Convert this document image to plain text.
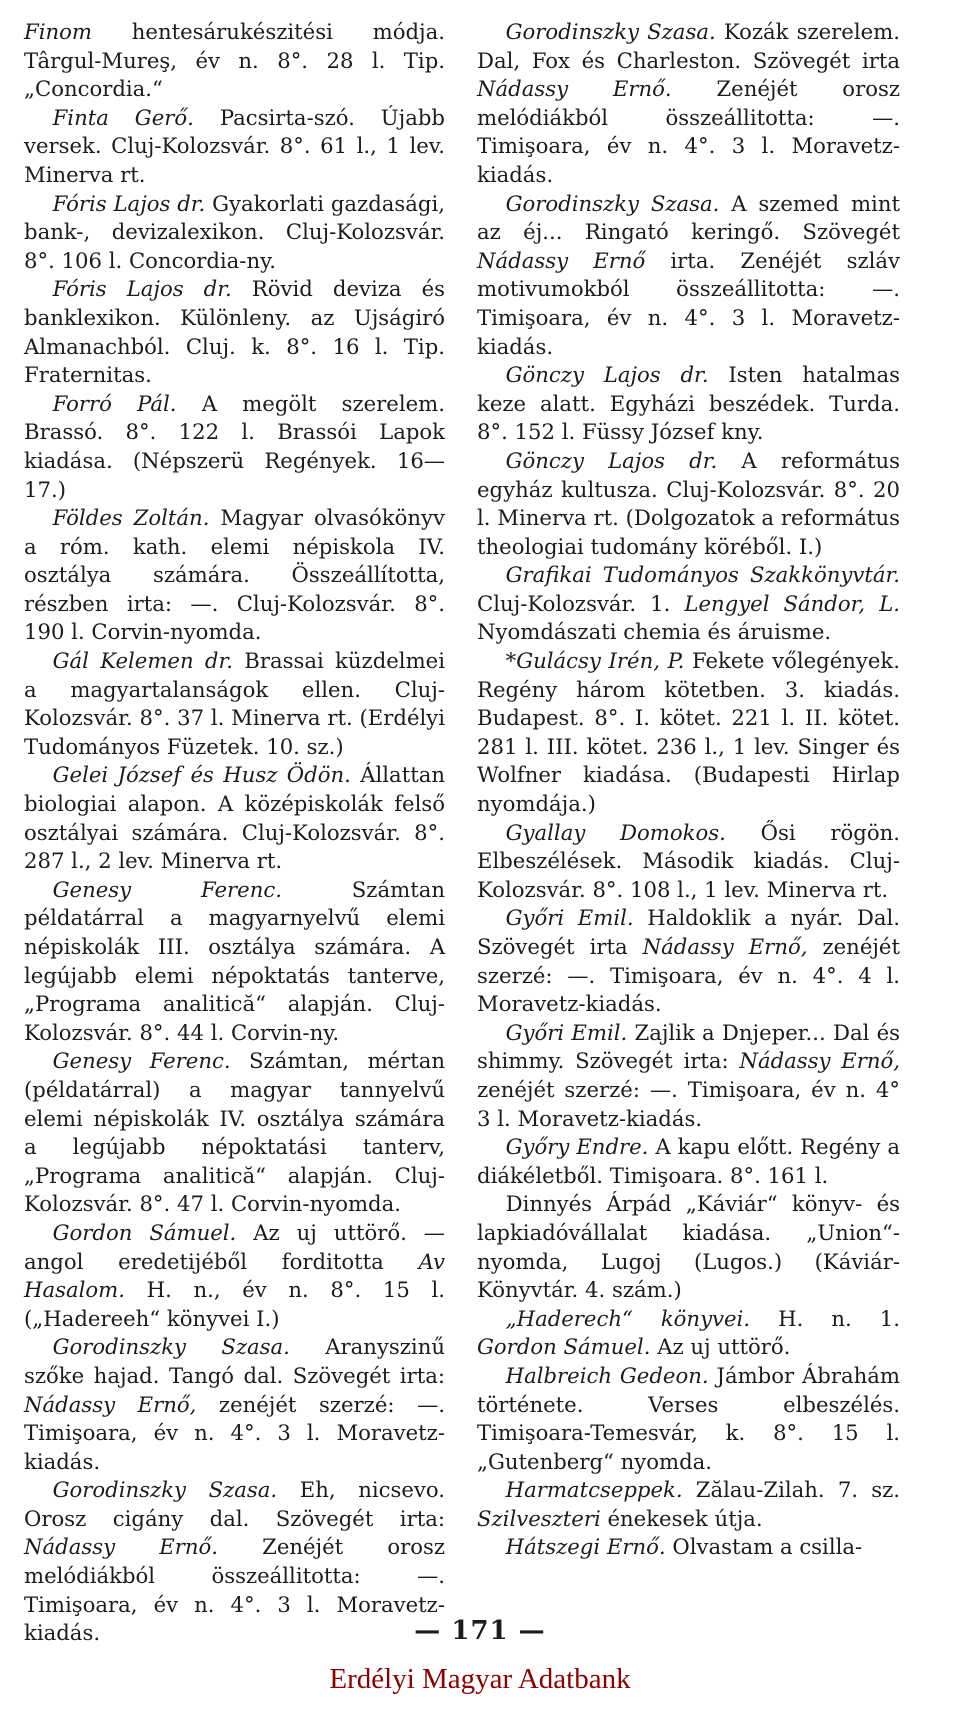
Finom hentesárukészitési módja. Târgul-Mureş, év n. 8°. 28 l. Tip. „Concordia.“

Finta Gerő. Pacsirta-szó. Újabb versek. Cluj-Kolozsvár. 8°. 61 l., 1 lev. Minerva rt.

Fóris Lajos dr. Gyakorlati gazdasági, bank-, devizalexikon. Cluj-Kolozsvár. 8°. 106 l. Concordia-ny.

Fóris Lajos dr. Rövid deviza és banklexikon. Különleny. az Ujságiró Almanachból. Cluj. k. 8°. 16 l. Tip. Fraternitas.

Forró Pál. A megölt szerelem. Brassó. 8°. 122 l. Brassói Lapok kiadása. (Népszerü Regények. 16—17.)

Földes Zoltán. Magyar olvasókönyv a róm. kath. elemi népiskola IV. osztálya számára. Összeállította, részben irta: —. Cluj-Kolozsvár. 8°. 190 l. Corvin-nyomda.

Gál Kelemen dr. Brassai küzdelmei a magyartalanságok ellen. Cluj-Kolozsvár. 8°. 37 l. Minerva rt. (Erdélyi Tudományos Füzetek. 10. sz.)

Gelei József és Husz Ödön. Állattan biologiai alapon. A középiskolák felső osztályai számára. Cluj-Kolozsvár. 8°. 287 l., 2 lev. Minerva rt.

Genesy Ferenc. Számtan példatárral a magyarnyelvű elemi népiskolák III. osztálya számára. A legújabb elemi népoktatás tanterve, „Programa analitică“ alapján. Cluj-Kolozsvár. 8°. 44 l. Corvin-ny.

Genesy Ferenc. Számtan, mértan (példatárral) a magyar tannyelvű elemi népiskolák IV. osztálya számára a legújabb népoktatási tanterv, „Programa analitică“ alapján. Cluj-Kolozsvár. 8°. 47 l. Corvin-nyomda.

Gordon Sámuel. Az uj uttörő. — angol eredetijéből forditotta Av Hasalom. H. n., év n. 8°. 15 l. („Hadereeh“ könyvei I.)

Gorodinszky Szasa. Aranyszinű szőke hajad. Tangó dal. Szövegét irta: Nádassy Ernő, zenéjét szerzé: —. Timişoara, év n. 4°. 3 l. Moravetz-kiadás.

Gorodinszky Szasa. Eh, nicsevo. Orosz cigány dal. Szövegét irta: Nádassy Ernő. Zenéjét orosz melódiákból összeállitotta: —. Timişoara, év n. 4°. 3 l. Moravetz-kiadás.

Gorodinszky Szasa. Kozák szerelem. Dal, Fox és Charleston. Szövegét irta Nádassy Ernő. Zenéjét orosz melódiákból összeállitotta: —. Timişoara, év n. 4°. 3 l. Moravetz-kiadás.

Gorodinszky Szasa. A szemed mint az éj... Ringató keringő. Szövegét Nádassy Ernő irta. Zenéjét szláv motivumokból összeállitotta: —. Timişoara, év n. 4°. 3 l. Moravetz-kiadás.

Gönczy Lajos dr. Isten hatalmas keze alatt. Egyházi beszédek. Turda. 8°. 152 l. Füssy József kny.

Gönczy Lajos dr. A református egyház kultusza. Cluj-Kolozsvár. 8°. 20 l. Minerva rt. (Dolgozatok a református theologiai tudomány köréből. I.)

Grafikai Tudományos Szakkönyvtár. Cluj-Kolozsvár. 1. Lengyel Sándor, L. Nyomdászati chemia és áruisme.

*Gulácsy Irén, P. Fekete vőlegények. Regény három kötetben. 3. kiadás. Budapest. 8°. I. kötet. 221 l. II. kötet. 281 l. III. kötet. 236 l., 1 lev. Singer és Wolfner kiadása. (Budapesti Hirlap nyomdája.)

Gyallay Domokos. Ősi rögön. Elbeszélések. Második kiadás. Cluj-Kolozsvár. 8°. 108 l., 1 lev. Minerva rt.

Győri Emil. Haldoklik a nyár. Dal. Szövegét irta Nádassy Ernő, zenéjét szerzé: —. Timişoara, év n. 4°. 4 l. Moravetz-kiadás.

Győri Emil. Zajlik a Dnjeper... Dal és shimmy. Szövegét irta: Nádassy Ernő, zenéjét szerzé: —. Timişoara, év n. 4° 3 l. Moravetz-kiadás.

Győry Endre. A kapu előtt. Regény a diákéletből. Timişoara. 8°. 161 l.

Dinnyés Árpád „Káviár“ könyv- és lapkiadóvállalat kiadása. „Union“-nyomda, Lugoj (Lugos.) (Káviár-Könyvtár. 4. szám.)

„Haderech“ könyvei. H. n. 1. Gordon Sámuel. Az uj uttörő.

Halbreich Gedeon. Jámbor Ábrahám története. Verses elbeszélés. Timişoara-Temesvár, k. 8°. 15 l. „Gutenberg“ nyomda.

Harmatcseppek. Zălau-Zilah. 7. sz. Szilveszteri énekesek útja.

Hátszegi Ernő. Olvastam a csilla-

— 171 —
Erdélyi Magyar Adatbank
